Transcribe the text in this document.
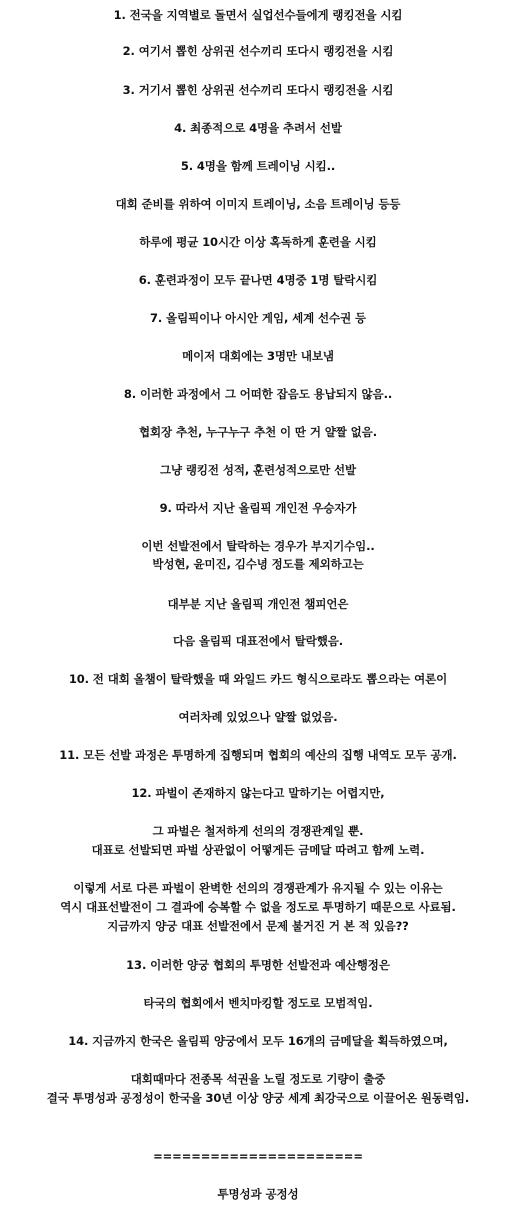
1. 전국을 지역별로 돌면서 실업선수들에게 랭킹전을 시킴
2. 여기서 뽑힌 상위권 선수끼리 또다시 랭킹전을 시킴
3. 거기서 뽑힌 상위권 선수끼리 또다시 랭킹전을 시킴
4. 최종적으로 4명을 추려서 선발
5. 4명을 함께 트레이닝 시킴..
대회 준비를 위하여 이미지 트레이닝, 소음 트레이닝 등등
하루에 평균 10시간 이상 혹독하게 훈련을 시킴
6. 훈련과정이 모두 끝나면 4명중 1명 탈락시킴
7. 올림픽이나 아시안 게임, 세계 선수권 등
메이저 대회에는 3명만 내보냄
8. 이러한 과정에서 그 어떠한 잡음도 용납되지 않음..
협회장 추천, 누구누구 추천 이 딴 거 얄짤 없음.
그냥 랭킹전 성적, 훈련성적으로만 선발
9. 따라서 지난 올림픽 개인전 우승자가
이번 선발전에서 탈락하는 경우가 부지기수임..
박성현, 윤미진, 김수녕 정도를 제외하고는
대부분 지난 올림픽 개인전 챔피언은
다음 올림픽 대표전에서 탈락했음.
10. 전 대회 올챔이 탈락했을 때 와일드 카드 형식으로라도 뽑으라는 여론이
여러차례 있었으나 얄짤 없었음.
11. 모든 선발 과정은 투명하게 집행되며 협회의 예산의 집행 내역도 모두 공개.
12. 파벌이 존재하지 않는다고 말하기는 어렵지만,
그 파벌은 철저하게 선의의 경쟁관계일 뿐.
대표로 선발되면 파벌 상관없이 어떻게든 금메달 따려고 함께 노력.
이렇게 서로 다른 파벌이 완벽한 선의의 경쟁관계가 유지될 수 있는 이유는
역시 대표선발전이 그 결과에 승복할 수 없을 정도로 투명하기 때문으로 사료됨.
지금까지 양궁 대표 선발전에서 문제 불거진 거 본 적 있음??
13. 이러한 양궁 협회의 투명한 선발전과 예산행정은
타국의 협회에서 벤치마킹할 정도로 모범적임.
14. 지금까지 한국은 올림픽 양궁에서 모두 16개의 금메달을 획득하였으며,
대회때마다 전종목 석권을 노릴 정도로 기량이 출중
결국 투명성과 공정성이 한국을 30년 이상 양궁 세계 최강국으로 이끌어온 원동력임.
======================
투명성과 공정성
